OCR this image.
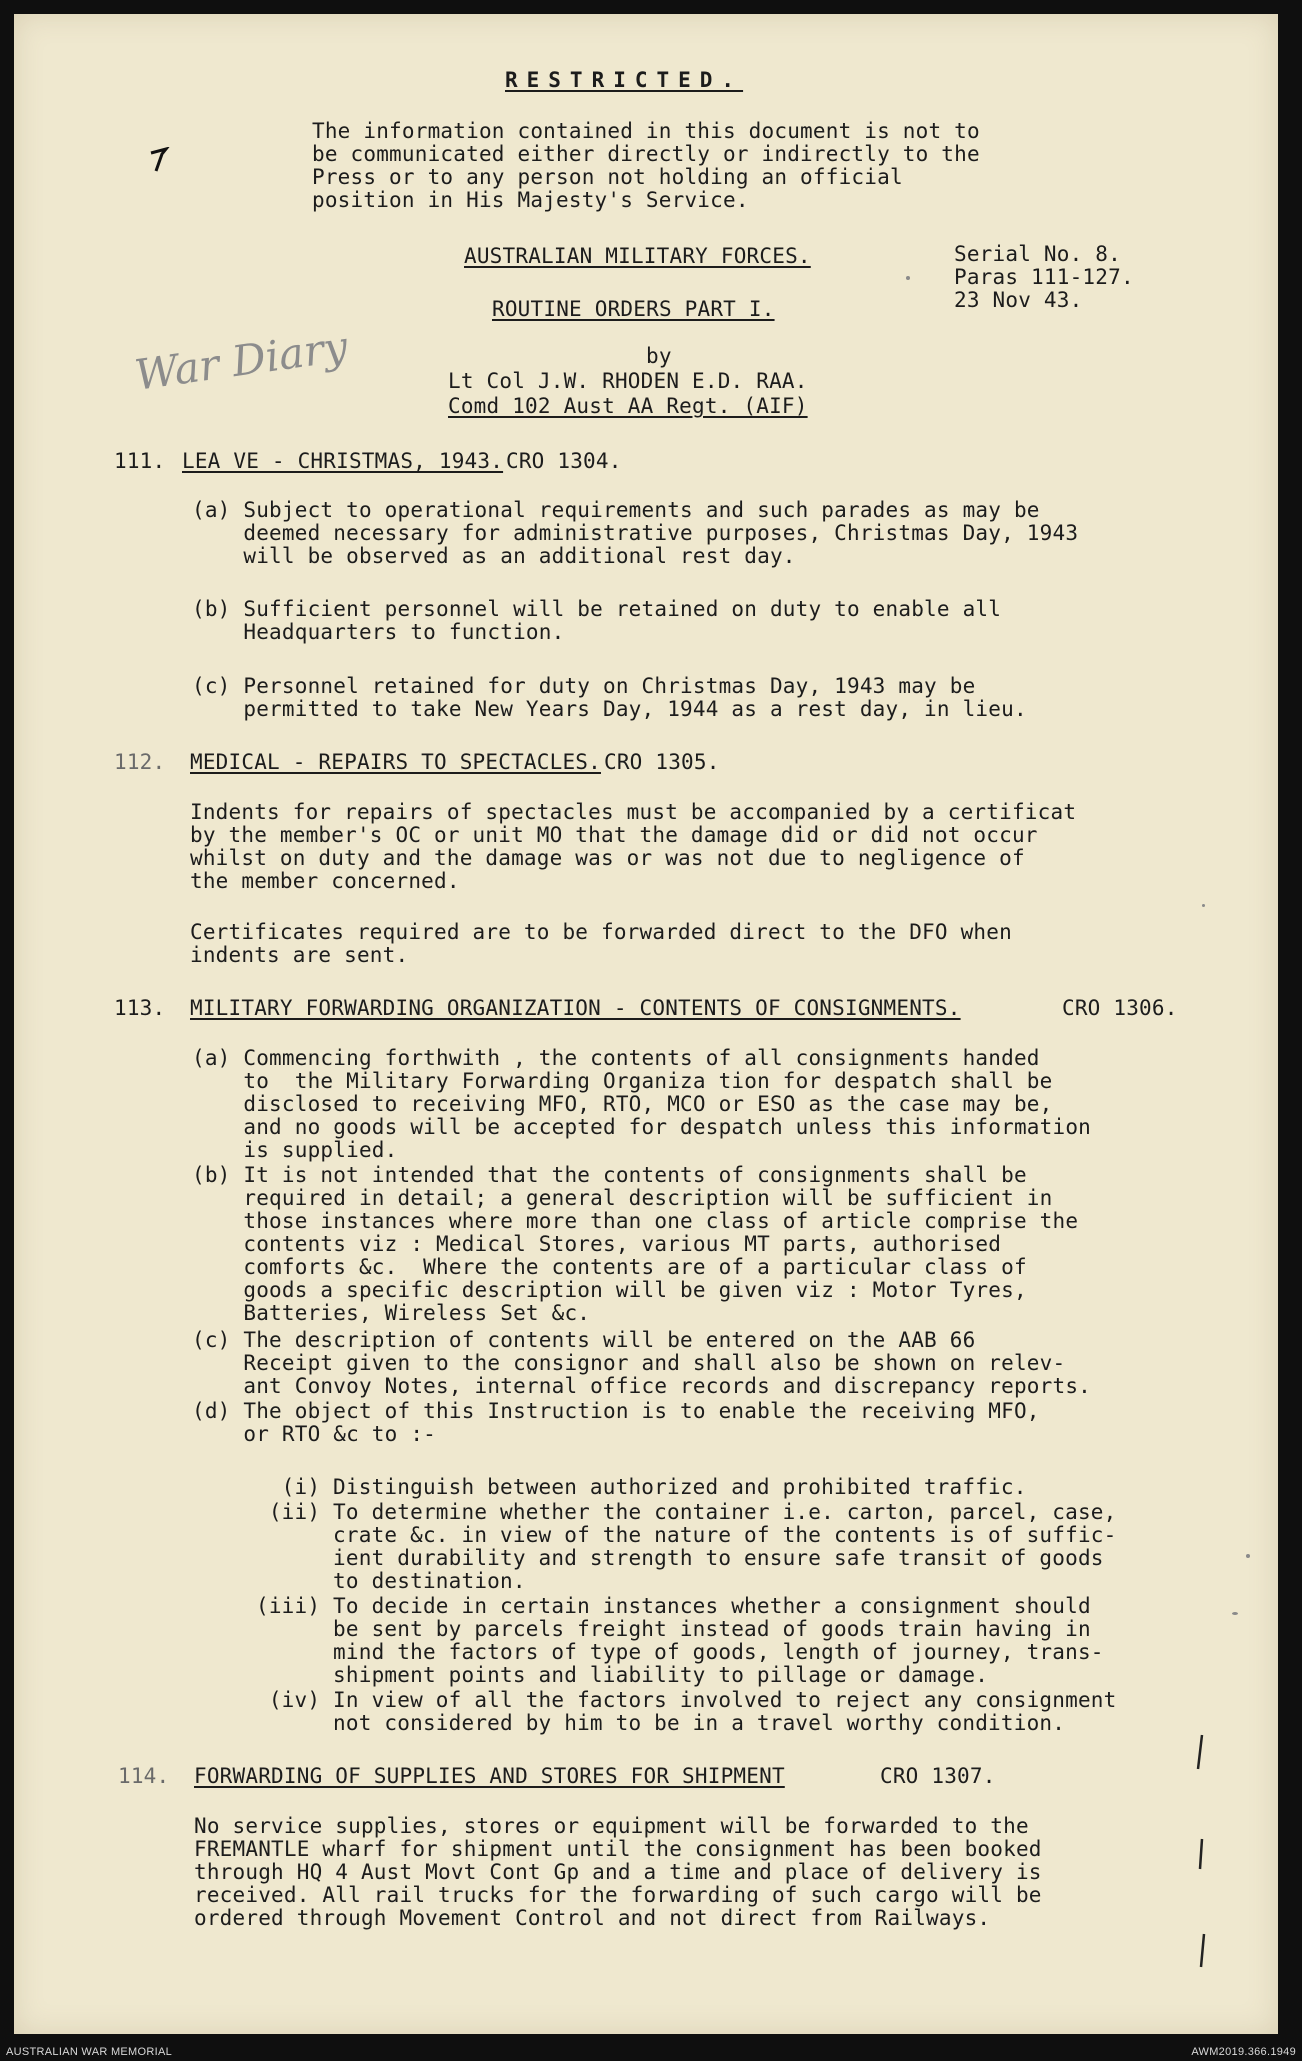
RESTRICTED.
The information contained in this document is not to
be communicated either directly or indirectly to the
Press or to any person not holding an official
position in His Majesty's Service.
AUSTRALIAN MILITARY FORCES.
ROUTINE ORDERS PART I.
Serial No. 8.
Paras 111-127.
23 Nov 43.
by
Lt Col J.W. RHODEN E.D. RAA.
Comd 102 Aust AA Regt. (AIF)
War Diary
111. LEA VE - CHRISTMAS, 1943. CRO 1304.
(a) Subject to operational requirements and such parades as may be
deemed necessary for administrative purposes, Christmas Day, 1943
will be observed as an additional rest day.
(b) Sufficient personnel will be retained on duty to enable all
Headquarters to function.
(c) Personnel retained for duty on Christmas Day, 1943 may be
permitted to take New Years Day, 1944 as a rest day, in lieu.
112. MEDICAL - REPAIRS TO SPECTACLES. CRO 1305.
Indents for repairs of spectacles must be accompanied by a certificat
by the member's OC or unit MO that the damage did or did not occur
whilst on duty and the damage was or was not due to negligence of
the member concerned.
Certificates required are to be forwarded direct to the DFO when
indents are sent.
113. MILITARY FORWARDING ORGANIZATION - CONTENTS OF CONSIGNMENTS.	CRO 1306.
(a) Commencing forthwith , the contents of all consignments handed
to  the Military Forwarding Organiza tion for despatch shall be
disclosed to receiving MFO, RTO, MCO or ESO as the case may be,
and no goods will be accepted for despatch unless this information
is supplied.
(b) It is not intended that the contents of consignments shall be
required in detail; a general description will be sufficient in
those instances where more than one class of article comprise the
contents viz : Medical Stores, various MT parts, authorised
comforts &c.  Where the contents are of a particular class of
goods a specific description will be given viz : Motor Tyres,
Batteries, Wireless Set &c.
(c) The description of contents will be entered on the AAB 66
Receipt given to the consignor and shall also be shown on relev-
ant Convoy Notes, internal office records and discrepancy reports.
(d) The object of this Instruction is to enable the receiving MFO,
or RTO &c to :-
(i) Distinguish between authorized and prohibited traffic.
(ii) To determine whether the container i.e. carton, parcel, case,
crate &c. in view of the nature of the contents is of suffic-
ient durability and strength to ensure safe transit of goods
to destination.
(iii) To decide in certain instances whether a consignment should
be sent by parcels freight instead of goods train having in
mind the factors of type of goods, length of journey, trans-
shipment points and liability to pillage or damage.
(iv) In view of all the factors involved to reject any consignment
not considered by him to be in a travel worthy condition.
114. FORWARDING OF SUPPLIES AND STORES FOR SHIPMENT	CRO 1307.
No service supplies, stores or equipment will be forwarded to the
FREMANTLE wharf for shipment until the consignment has been booked
through HQ 4 Aust Movt Cont Gp and a time and place of delivery is
received. All rail trucks for the forwarding of such cargo will be
ordered through Movement Control and not direct from Railways.
AUSTRALIAN WAR MEMORIAL	AWM2019.366.1949
